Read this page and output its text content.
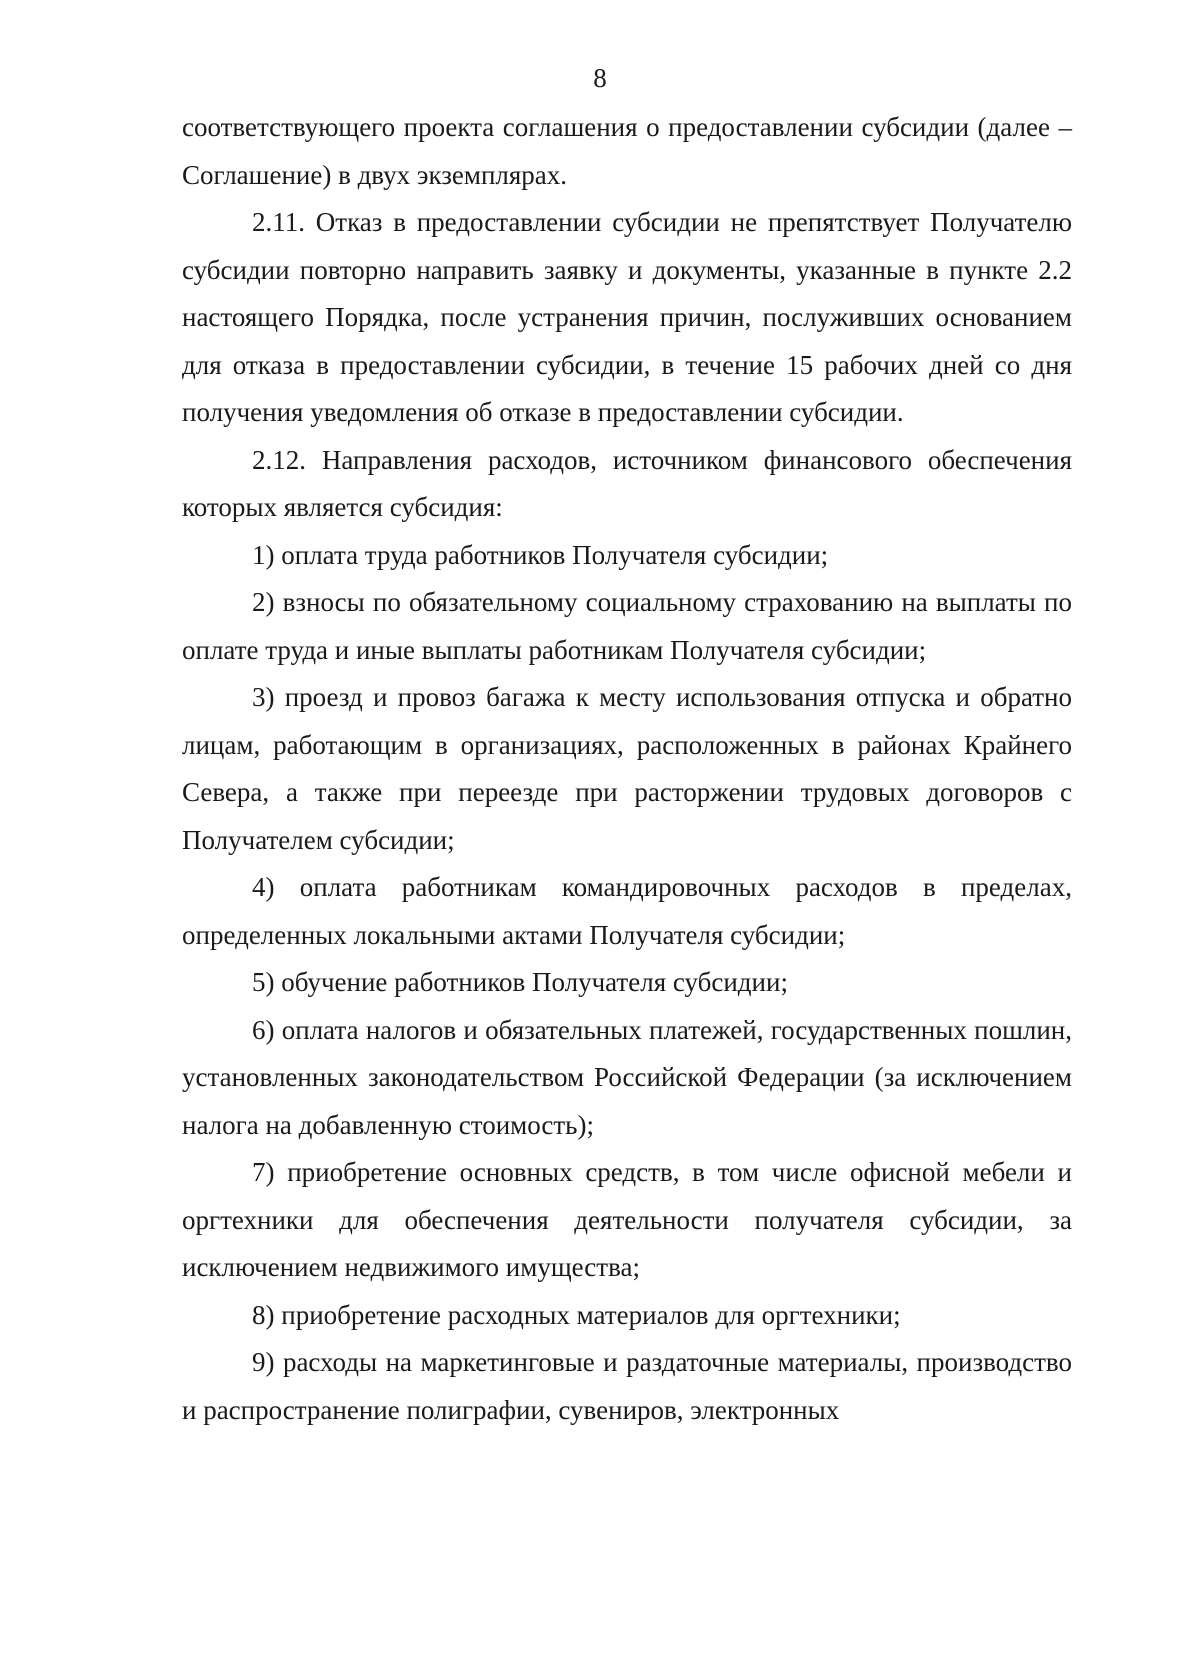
8

соответствующего проекта соглашения о предоставлении субсидии (далее – Соглашение) в двух экземплярах.

2.11. Отказ в предоставлении субсидии не препятствует Получателю субсидии повторно направить заявку и документы, указанные в пункте 2.2 настоящего Порядка, после устранения причин, послуживших основанием для отказа в предоставлении субсидии, в течение 15 рабочих дней со дня получения уведомления об отказе в предоставлении субсидии.

2.12. Направления расходов, источником финансового обеспечения которых является субсидия:

1) оплата труда работников Получателя субсидии;

2) взносы по обязательному социальному страхованию на выплаты по оплате труда и иные выплаты работникам Получателя субсидии;

3) проезд и провоз багажа к месту использования отпуска и обратно лицам, работающим в организациях, расположенных в районах Крайнего Севера, а также при переезде при расторжении трудовых договоров с Получателем субсидии;

4) оплата работникам командировочных расходов в пределах, определенных локальными актами Получателя субсидии;

5) обучение работников Получателя субсидии;

6) оплата налогов и обязательных платежей, государственных пошлин, установленных законодательством Российской Федерации (за исключением налога на добавленную стоимость);

7) приобретение основных средств, в том числе офисной мебели и оргтехники для обеспечения деятельности получателя субсидии, за исключением недвижимого имущества;

8) приобретение расходных материалов для оргтехники;

9) расходы на маркетинговые и раздаточные материалы, производство и распространение полиграфии, сувениров, электронных
